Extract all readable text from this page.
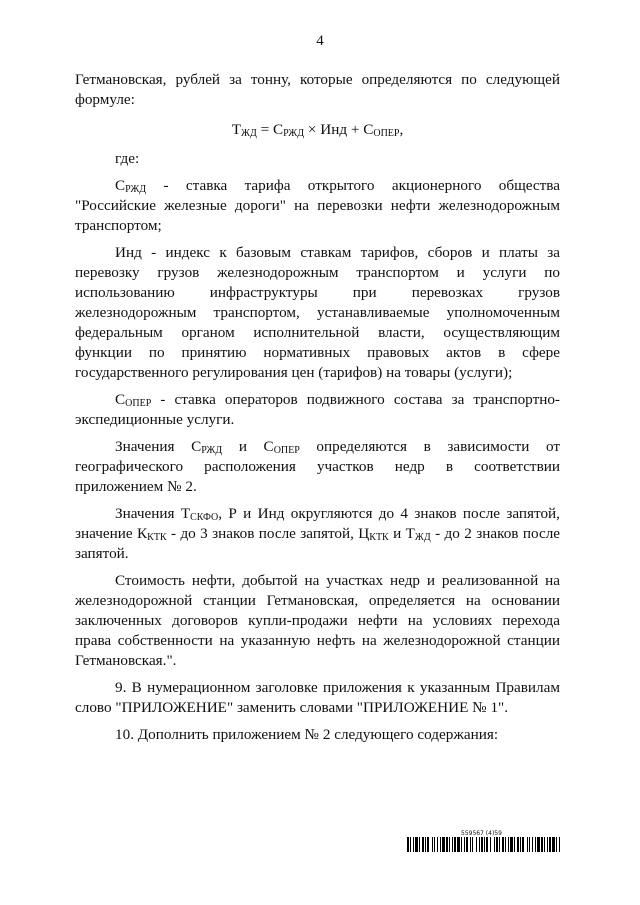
4

Гетмановская, рублей за тонну, которые определяются по следующей формуле:

$Т_{ЖД} = С_{РЖД}$ × Инд + $С_{ОПЕР}$,

где:

$С_{РЖД}$ - ставка тарифа открытого акционерного общества "Российские железные дороги" на перевозки нефти железнодорожным транспортом;

Инд - индекс к базовым ставкам тарифов, сборов и платы за перевозку грузов железнодорожным транспортом и услуги по использованию инфраструктуры при перевозках грузов железнодорожным транспортом, устанавливаемые уполномоченным федеральным органом исполнительной власти, осуществляющим функции по принятию нормативных правовых актов в сфере государственного регулирования цен (тарифов) на товары (услуги);

$С_{ОПЕР}$ - ставка операторов подвижного состава за транспортно-экспедиционные услуги.

Значения $С_{РЖД}$ и $С_{ОПЕР}$ определяются в зависимости от географического расположения участков недр в соответствии приложением № 2.

Значения $Т_{СКФО}$, Р и Инд округляются до 4 знаков после запятой, значение $К_{КТК}$ - до 3 знаков после запятой, $Ц_{КТК}$ и $Т_{ЖД}$ - до 2 знаков после запятой.

Стоимость нефти, добытой на участках недр и реализованной на железнодорожной станции Гетмановская, определяется на основании заключенных договоров купли-продажи нефти на условиях перехода права собственности на указанную нефть на железнодорожной станции Гетмановская.".

9. В нумерационном заголовке приложения к указанным Правилам слово "ПРИЛОЖЕНИЕ" заменить словами "ПРИЛОЖЕНИЕ № 1".

10. Дополнить приложением № 2 следующего содержания:

559567 (4)59
